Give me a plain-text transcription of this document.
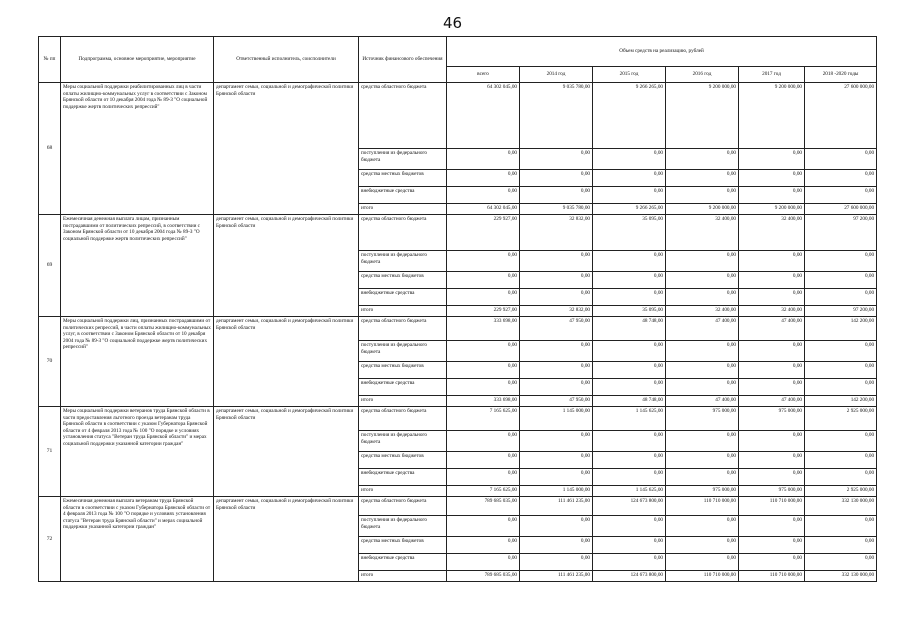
46
№ пп	Подпрограмма, основное мероприятие, мероприятие	Ответственный исполнитель, соисполнители	Источник финансового обеспечения	Объем средств на реализацию, рублей					
				всего	2014 год	2015 год	2016 год	2017 год	2018 -2020 годы
68	Меры социальной поддержки реабилитированных лиц в части оплаты жилищно-коммунальных услуг в соответствии с Законом Брянской области от 10 декабря 2004 года № 89-З "О социальной поддержке жертв политических репрессий"	департамент семьи, социальной и демографической политики Брянской области	средства областного бюджета	64 302 045,00	9 035 780,00	9 266 265,00	9 200 000,00	9 200 000,00	27 600 000,00
			поступления из федерального бюджета	0,00	0,00	0,00	0,00	0,00	0,00
			средства местных бюджетов	0,00	0,00	0,00	0,00	0,00	0,00
			внебюджетные средства	0,00	0,00	0,00	0,00	0,00	0,00
			итого	64 302 045,00	9 035 780,00	9 266 265,00	9 200 000,00	9 200 000,00	27 600 000,00
69	Ежемесячная денежная выплата лицам, признанным пострадавшими от политических репрессий, в соответствии с Законом Брянской области от 10 декабря 2004 года № 89-З "О социальной поддержке жертв политических репрессий"	департамент семьи, социальной и демографической политики Брянской области	средства областного бюджета	229 927,00	32 832,00	35 095,00	32 400,00	32 400,00	97 200,00
			поступления из федерального бюджета	0,00	0,00	0,00	0,00	0,00	0,00
			средства местных бюджетов	0,00	0,00	0,00	0,00	0,00	0,00
			внебюджетные средства	0,00	0,00	0,00	0,00	0,00	0,00
			итого	229 927,00	32 832,00	35 095,00	32 400,00	32 400,00	97 200,00
70	Меры социальной поддержки лиц, признанных пострадавшими от политических репрессий, в части оплаты жилищно-коммунальных услуг, в соответствии с Законом Брянской области от 10 декабря 2004 года № 89-З "О социальной поддержке жертв политических репрессий"	департамент семьи, социальной и демографической политики Брянской области	средства областного бюджета	333 698,00	47 950,00	48 748,00	47 400,00	47 400,00	142 200,00
			поступления из федерального бюджета	0,00	0,00	0,00	0,00	0,00	0,00
			средства местных бюджетов	0,00	0,00	0,00	0,00	0,00	0,00
			внебюджетные средства	0,00	0,00	0,00	0,00	0,00	0,00
			итого	333 698,00	47 950,00	48 748,00	47 400,00	47 400,00	142 200,00
71	Меры социальной поддержки ветеранов труда Брянской области в части предоставления льготного проезда ветеранам труда Брянской области в соответствии с указом Губернатора Брянской области от 4 февраля 2013 года № 100 "О порядке и условиях установления статуса "Ветеран труда Брянской области" и мерах социальной поддержки указанной категории граждан"	департамент семьи, социальной и демографической политики Брянской области	средства областного бюджета	7 165 625,00	1 145 000,00	1 145 625,00	975 000,00	975 000,00	2 925 000,00
			поступления из федерального бюджета	0,00	0,00	0,00	0,00	0,00	0,00
			средства местных бюджетов	0,00	0,00	0,00	0,00	0,00	0,00
			внебюджетные средства	0,00	0,00	0,00	0,00	0,00	0,00
			итого	7 165 625,00	1 145 000,00	1 145 625,00	975 000,00	975 000,00	2 925 000,00
72	Ежемесячная денежная выплата ветеранам труда Брянской области в соответствии с указом Губернатора Брянской области от 4 февраля 2013 года № 100 "О порядке и условиях установления статуса "Ветеран труда Брянской области" и мерах социальной поддержки указанной категории граждан"	департамент семьи, социальной и демографической политики Брянской области	средства областного бюджета	789 685 035,00	111 461 235,00	124 673 800,00	110 710 000,00	110 710 000,00	332 130 000,00
			поступления из федерального бюджета	0,00	0,00	0,00	0,00	0,00	0,00
			средства местных бюджетов	0,00	0,00	0,00	0,00	0,00	0,00
			внебюджетные средства	0,00	0,00	0,00	0,00	0,00	0,00
			итого	789 685 035,00	111 461 235,00	124 673 800,00	110 710 000,00	110 710 000,00	332 130 000,00
